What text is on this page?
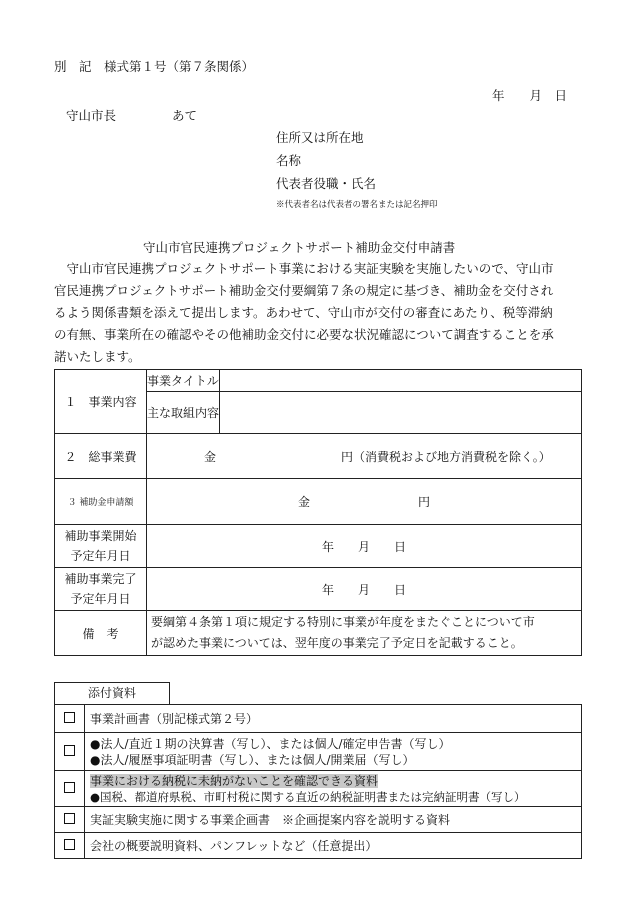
別　記　様式第１号（第７条関係）
年　　月　日
守山市長	あて
住所又は所在地
名称
代表者役職・氏名
※代表者名は代表者の署名または記名押印
守山市官民連携プロジェクトサポート補助金交付申請書
　守山市官民連携プロジェクトサポート事業における実証実験を実施したいので、守山市
官民連携プロジェクトサポート補助金交付要綱第７条の規定に基づき、補助金を交付され
るよう関係書類を添えて提出します。あわせて、守山市が交付の審査にあたり、税等滞納
の有無、事業所在の確認やその他補助金交付に必要な状況確認について調査することを承
諾いたします。
１　事業内容	事業タイトル	
	主な取組内容	
２　総事業費	金 円（消費税および地方消費税を除く。）	
３ 補助金申請額	金　　　　　　　　　円	

補助事業開始
予定年月日	年　　月　　日	

補助事業完了
予定年月日	年　　月　　日	
備　考	要綱第４条第１項に規定する特別に事業が年度をまたぐことについて市
が認めた事業については、翌年度の事業完了予定日を記載すること。	
添付資料
	事業計画書（別記様式第２号）

	●法人/直近１期の決算書（写し）、または個人/確定申告書（写し）
●法人/履歴事項証明書（写し）、または個人/開業届（写し）

	事業における納税に未納がないことを確認できる資料
●国税、都道府県税、市町村税に関する直近の納税証明書または完納証明書（写し）

	実証実験実施に関する事業企画書　※企画提案内容を説明する資料
	会社の概要説明資料、パンフレットなど（任意提出）
